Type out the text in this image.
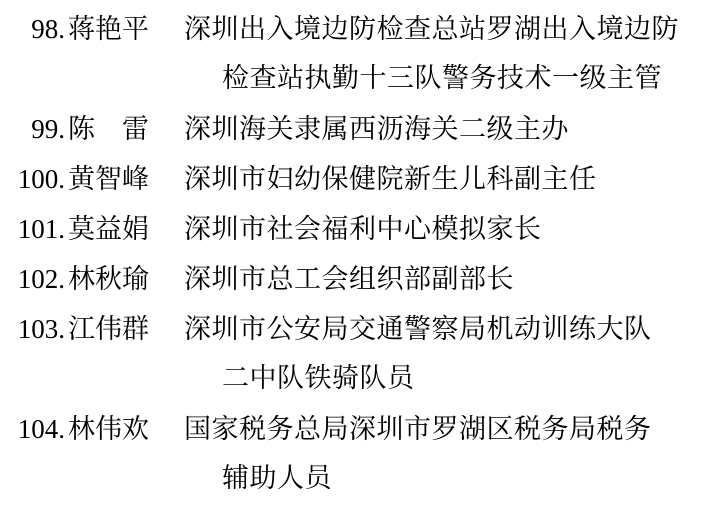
98. 蒋艳平	深圳出入境边防检查总站罗湖出入境边防
检查站执勤十三队警务技术一级主管
99. 陈　雷	深圳海关隶属西沥海关二级主办
100. 黄智峰	深圳市妇幼保健院新生儿科副主任
101. 莫益娟	深圳市社会福利中心模拟家长
102. 林秋瑜	深圳市总工会组织部副部长
103. 江伟群	深圳市公安局交通警察局机动训练大队
二中队铁骑队员
104. 林伟欢	国家税务总局深圳市罗湖区税务局税务
辅助人员
